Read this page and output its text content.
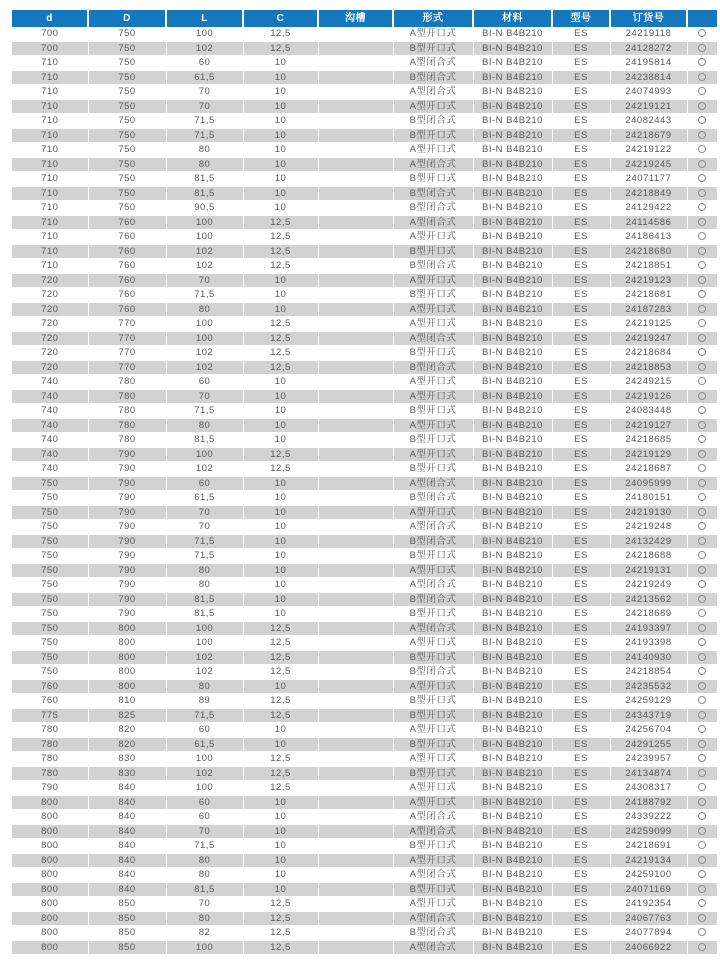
d	D	L	C	沟槽	形式	材料	型号	订货号	
700	750	100	12,5		A型开口式	BI-N B4B210	ES	24219118	
700	750	102	12,5		B型开口式	BI-N B4B210	ES	24128272	
710	750	60	10		A型闭合式	BI-N B4B210	ES	24195814	
710	750	61,5	10		B型闭合式	BI-N B4B210	ES	24238814	
710	750	70	10		A型闭合式	BI-N B4B210	ES	24074993	
710	750	70	10		A型开口式	BI-N B4B210	ES	24219121	
710	750	71,5	10		B型闭合式	BI-N B4B210	ES	24082443	
710	750	71,5	10		B型开口式	BI-N B4B210	ES	24218679	
710	750	80	10		A型开口式	BI-N B4B210	ES	24219122	
710	750	80	10		A型闭合式	BI-N B4B210	ES	24219245	
710	750	81,5	10		B型开口式	BI-N B4B210	ES	24071177	
710	750	81,5	10		B型闭合式	BI-N B4B210	ES	24218849	
710	750	90,5	10		B型闭合式	BI-N B4B210	ES	24129422	
710	760	100	12,5		A型闭合式	BI-N B4B210	ES	24114586	
710	760	100	12,5		A型开口式	BI-N B4B210	ES	24186413	
710	760	102	12,5		B型开口式	BI-N B4B210	ES	24218680	
710	760	102	12,5		B型闭合式	BI-N B4B210	ES	24218851	
720	760	70	10		A型开口式	BI-N B4B210	ES	24219123	
720	760	71,5	10		B型开口式	BI-N B4B210	ES	24218681	
720	760	80	10		A型开口式	BI-N B4B210	ES	24187283	
720	770	100	12,5		A型开口式	BI-N B4B210	ES	24219125	
720	770	100	12,5		A型闭合式	BI-N B4B210	ES	24219247	
720	770	102	12,5		B型开口式	BI-N B4B210	ES	24218684	
720	770	102	12,5		B型闭合式	BI-N B4B210	ES	24218853	
740	780	60	10		A型开口式	BI-N B4B210	ES	24249215	
740	780	70	10		A型开口式	BI-N B4B210	ES	24219126	
740	780	71,5	10		B型开口式	BI-N B4B210	ES	24083448	
740	780	80	10		A型开口式	BI-N B4B210	ES	24219127	
740	780	81,5	10		B型开口式	BI-N B4B210	ES	24218685	
740	790	100	12,5		A型开口式	BI-N B4B210	ES	24219129	
740	790	102	12,5		B型开口式	BI-N B4B210	ES	24218687	
750	790	60	10		A型闭合式	BI-N B4B210	ES	24095999	
750	790	61,5	10		B型闭合式	BI-N B4B210	ES	24180151	
750	790	70	10		A型开口式	BI-N B4B210	ES	24219130	
750	790	70	10		A型闭合式	BI-N B4B210	ES	24219248	
750	790	71,5	10		B型闭合式	BI-N B4B210	ES	24132429	
750	790	71,5	10		B型开口式	BI-N B4B210	ES	24218688	
750	790	80	10		A型开口式	BI-N B4B210	ES	24219131	
750	790	80	10		A型闭合式	BI-N B4B210	ES	24219249	
750	790	81,5	10		B型闭合式	BI-N B4B210	ES	24213562	
750	790	81,5	10		B型开口式	BI-N B4B210	ES	24218689	
750	800	100	12,5		A型闭合式	BI-N B4B210	ES	24193397	
750	800	100	12,5		A型开口式	BI-N B4B210	ES	24193398	
750	800	102	12,5		B型开口式	BI-N B4B210	ES	24140930	
750	800	102	12,5		B型闭合式	BI-N B4B210	ES	24218854	
760	800	80	10		A型开口式	BI-N B4B210	ES	24235532	
760	810	89	12,5		B型开口式	BI-N B4B210	ES	24259129	
775	825	71,5	12,5		B型开口式	BI-N B4B210	ES	24343719	
780	820	60	10		A型开口式	BI-N B4B210	ES	24256704	
780	820	61,5	10		B型开口式	BI-N B4B210	ES	24291255	
780	830	100	12,5		A型开口式	BI-N B4B210	ES	24239957	
780	830	102	12,5		B型开口式	BI-N B4B210	ES	24134874	
790	840	100	12,5		A型开口式	BI-N B4B210	ES	24308317	
800	840	60	10		A型开口式	BI-N B4B210	ES	24188792	
800	840	60	10		A型闭合式	BI-N B4B210	ES	24339222	
800	840	70	10		A型闭合式	BI-N B4B210	ES	24259099	
800	840	71,5	10		B型开口式	BI-N B4B210	ES	24218691	
800	840	80	10		A型开口式	BI-N B4B210	ES	24219134	
800	840	80	10		A型闭合式	BI-N B4B210	ES	24259100	
800	840	81,5	10		B型开口式	BI-N B4B210	ES	24071169	
800	850	70	12,5		A型开口式	BI-N B4B210	ES	24192354	
800	850	80	12,5		A型闭合式	BI-N B4B210	ES	24067763	
800	850	82	12,5		B型闭合式	BI-N B4B210	ES	24077894	
800	850	100	12,5		A型闭合式	BI-N B4B210	ES	24066922	
